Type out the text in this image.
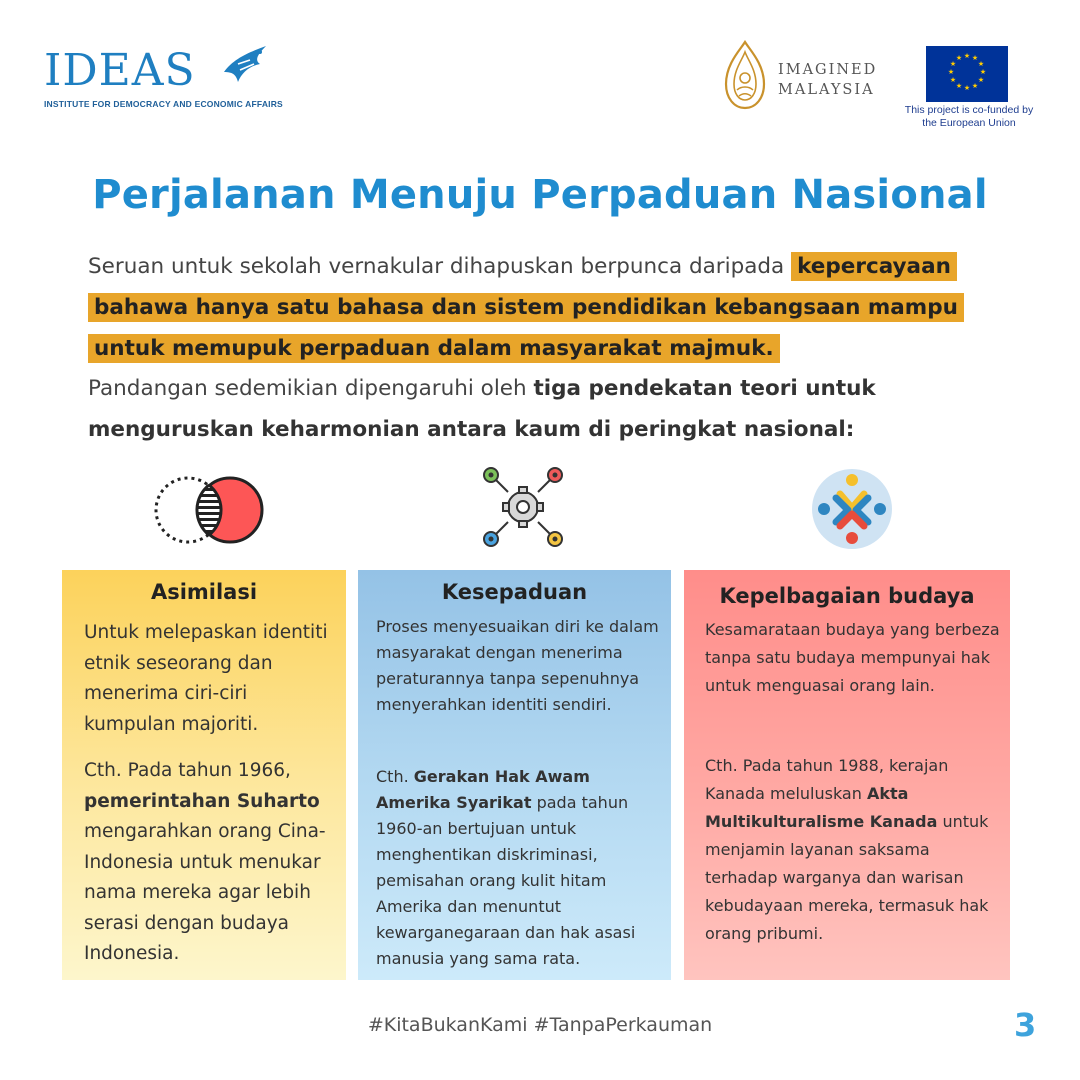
IDEAS
INSTITUTE FOR DEMOCRACY AND ECONOMIC AFFAIRS
IMAGINED
MALAYSIA
★ ★
★
★
★
★
★
★
★
★
★
★
This project is co-funded by
the European Union
Perjalanan Menuju Perpaduan Nasional
Seruan untuk sekolah vernakular dihapuskan berpunca daripada kepercayaan bahawa hanya satu bahasa dan sistem pendidikan kebangsaan mampu untuk memupuk perpaduan dalam masyarakat majmuk.
Pandangan sedemikian dipengaruhi oleh tiga pendekatan teori untuk menguruskan keharmonian antara kaum di peringkat nasional:
Asimilasi
Untuk melepaskan identiti etnik seseorang dan menerima ciri-ciri kumpulan majoriti.
Cth. Pada tahun 1966, pemerintahan Suharto mengarahkan orang Cina-Indonesia untuk menukar nama mereka agar lebih serasi dengan budaya Indonesia.
Kesepaduan
Proses menyesuaikan diri ke dalam masyarakat dengan menerima peraturannya tanpa sepenuhnya menyerahkan identiti sendiri.
Cth. Gerakan Hak Awam Amerika Syarikat pada tahun 1960-an bertujuan untuk menghentikan diskriminasi, pemisahan orang kulit hitam Amerika dan menuntut kewarganegaraan dan hak asasi manusia yang sama rata.
Kepelbagaian budaya
Kesamarataan budaya yang berbeza tanpa satu budaya mempunyai hak untuk menguasai orang lain.
Cth. Pada tahun 1988, kerajan Kanada meluluskan Akta Multikulturalisme Kanada untuk menjamin layanan saksama terhadap warganya dan warisan kebudayaan mereka, termasuk hak orang pribumi.
#KitaBukanKami #TanpaPerkauman	3
